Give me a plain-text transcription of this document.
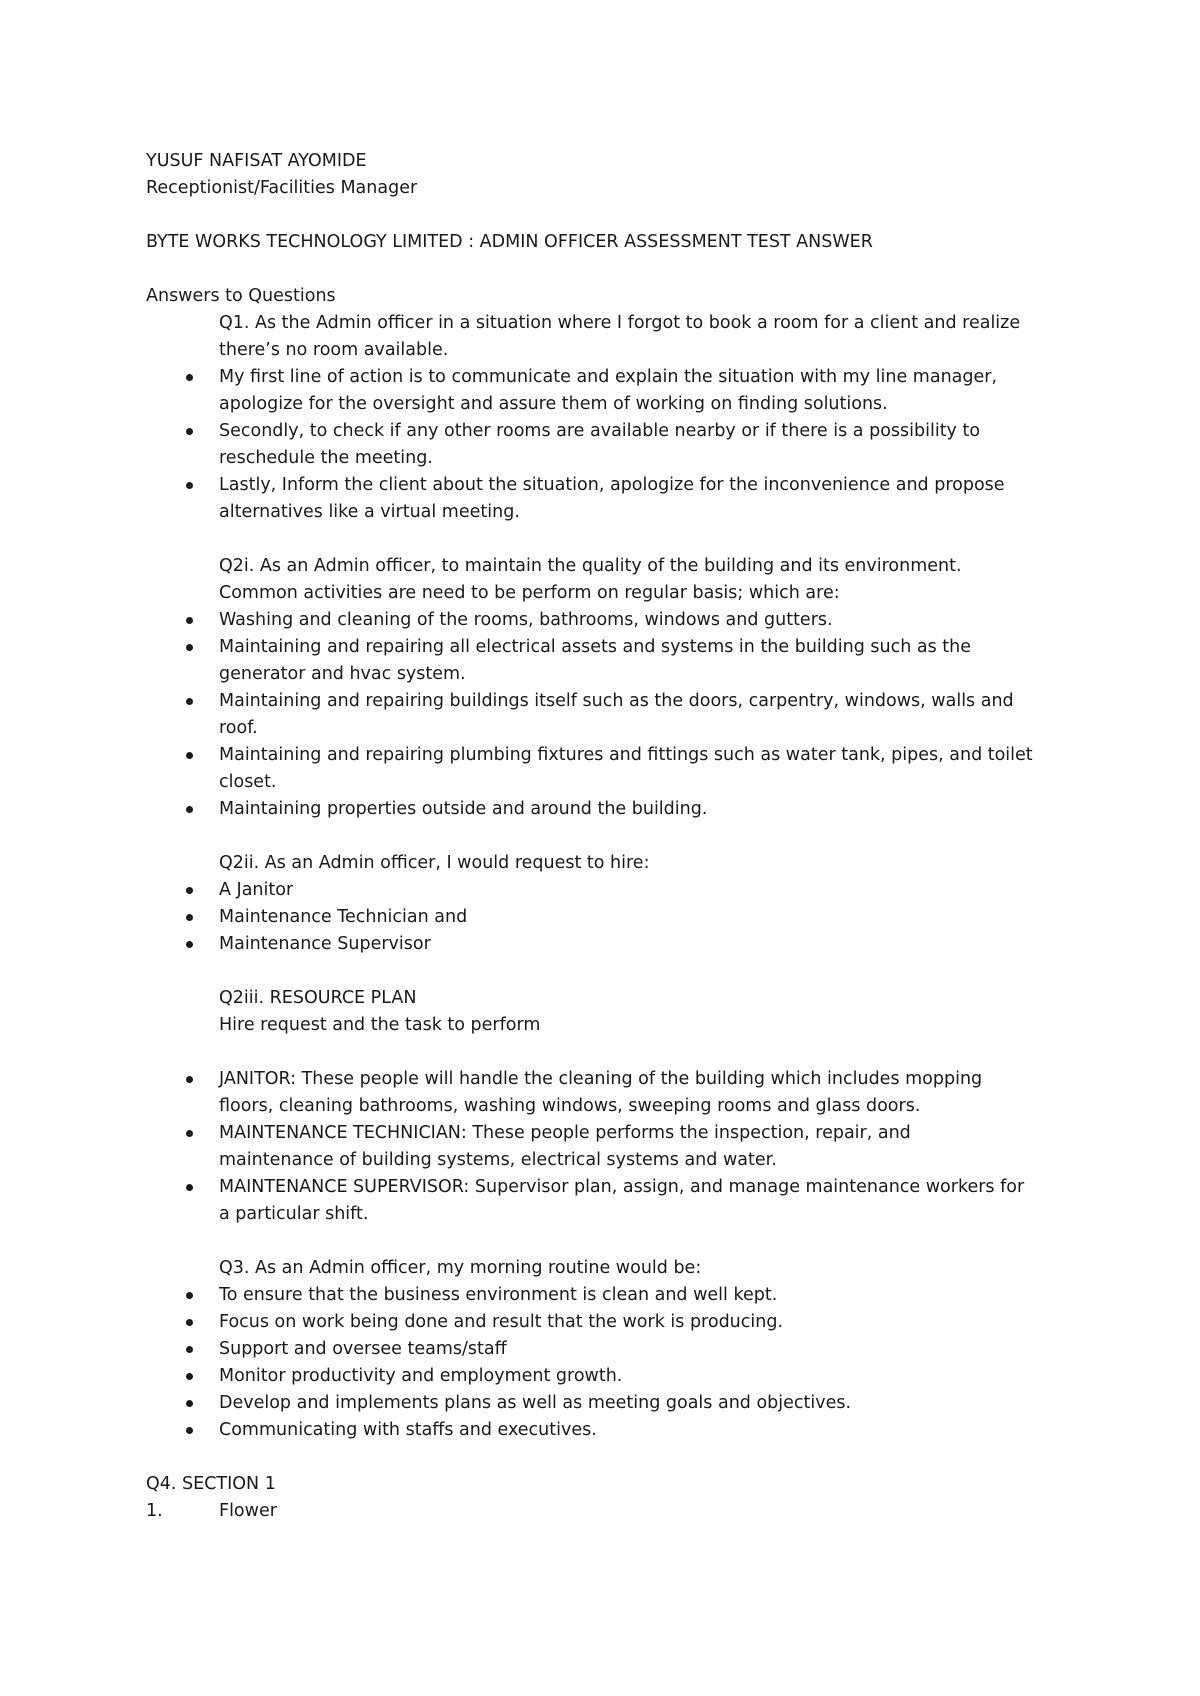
YUSUF NAFISAT AYOMIDE
Receptionist/Facilities Manager
BYTE WORKS TECHNOLOGY LIMITED : ADMIN OFFICER ASSESSMENT TEST ANSWER
Answers to Questions
Q1. As the Admin officer in a situation where I forgot to book a room for a client and realize
there’s no room available.
My first line of action is to communicate and explain the situation with my line manager,
apologize for the oversight and assure them of working on finding solutions.
Secondly, to check if any other rooms are available nearby or if there is a possibility to
reschedule the meeting.
Lastly, Inform the client about the situation, apologize for the inconvenience and propose
alternatives like a virtual meeting.
Q2i. As an Admin officer, to maintain the quality of the building and its environment.
Common activities are need to be perform on regular basis; which are:
Washing and cleaning of the rooms, bathrooms, windows and gutters.
Maintaining and repairing all electrical assets and systems in the building such as the
generator and hvac system.
Maintaining and repairing buildings itself such as the doors, carpentry, windows, walls and
roof.
Maintaining and repairing plumbing fixtures and fittings such as water tank, pipes, and toilet
closet.
Maintaining properties outside and around the building.
Q2ii. As an Admin officer, I would request to hire:
A Janitor
Maintenance Technician and
Maintenance Supervisor
Q2iii. RESOURCE PLAN
Hire request and the task to perform
JANITOR: These people will handle the cleaning of the building which includes mopping
floors, cleaning bathrooms, washing windows, sweeping rooms and glass doors.
MAINTENANCE TECHNICIAN: These people performs the inspection, repair, and
maintenance of building systems, electrical systems and water.
MAINTENANCE SUPERVISOR: Supervisor plan, assign, and manage maintenance workers for
a particular shift.
Q3. As an Admin officer, my morning routine would be:
To ensure that the business environment is clean and well kept.
Focus on work being done and result that the work is producing.
Support and oversee teams/staff
Monitor productivity and employment growth.
Develop and implements plans as well as meeting goals and objectives.
Communicating with staffs and executives.
Q4. SECTION 1
1.	Flower
